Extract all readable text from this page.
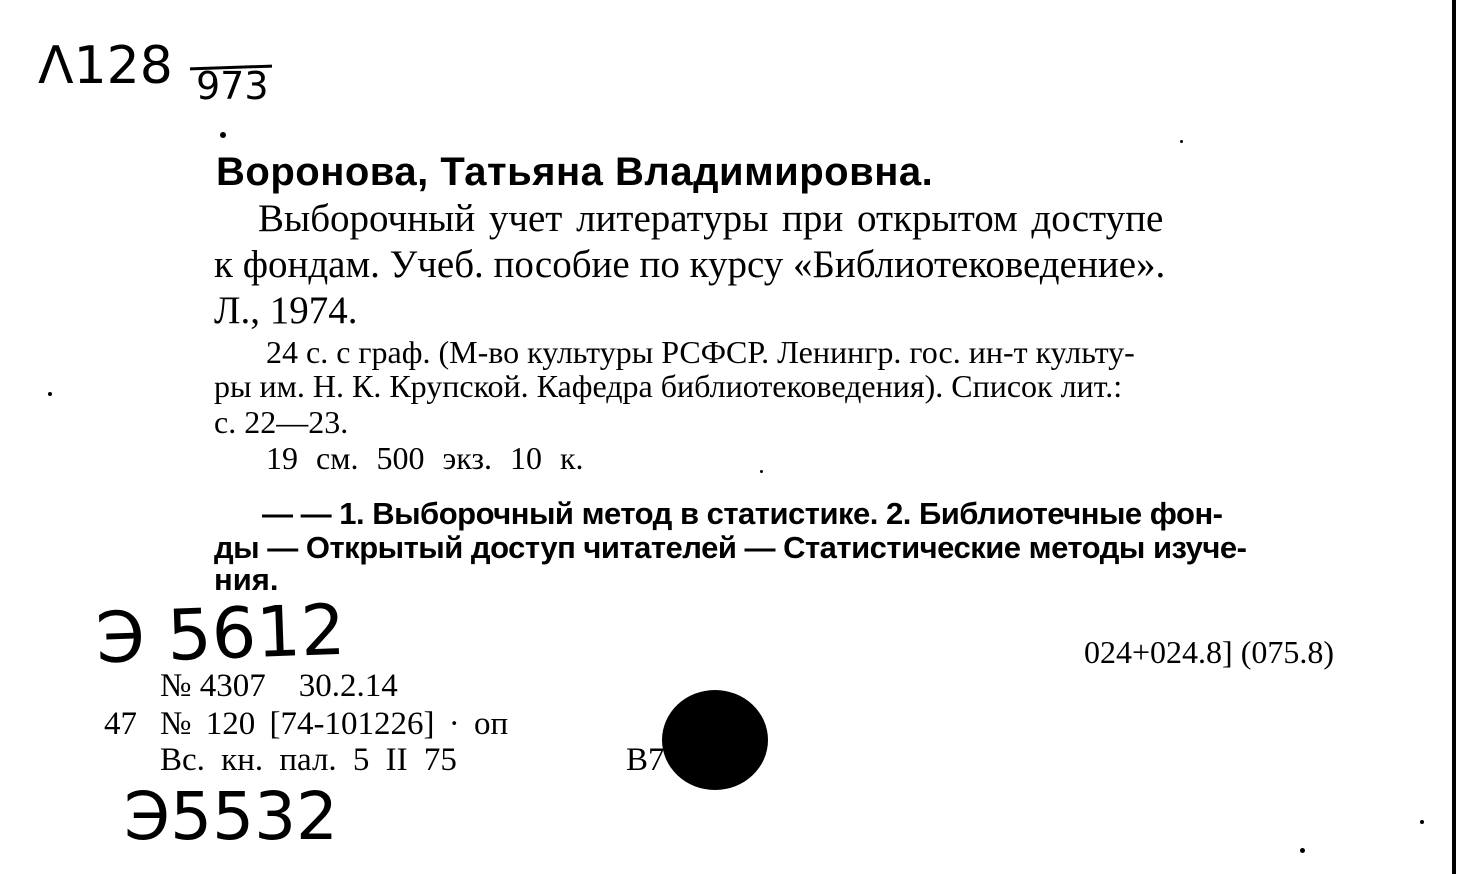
Λ128 973

Воронова, Татьяна Владимировна.

Выборочный учет литературы при открытом доступе

к фондам. Учеб. пособие по курсу «Библиотековедение».

Л., 1974.

24 с. с граф. (М-во культуры РСФСР. Ленингр. гос. ин-т культу-

ры им. Н. К. Крупской. Кафедра библиотековедения). Список лит.:

с. 22—23.

19 см. 500 экз. 10 к.

— — 1. Выборочный метод в статистике. 2. Библиотечные фон-

ды — Открытый доступ читателей — Статистические методы изуче-

ния.

Э 5612	024+024.8] (075.8)

№ 4307    30.2.14

47 № 120 [74-101226] · оп

Вс. кн. пал. 5 II 75	В7

Э5532
